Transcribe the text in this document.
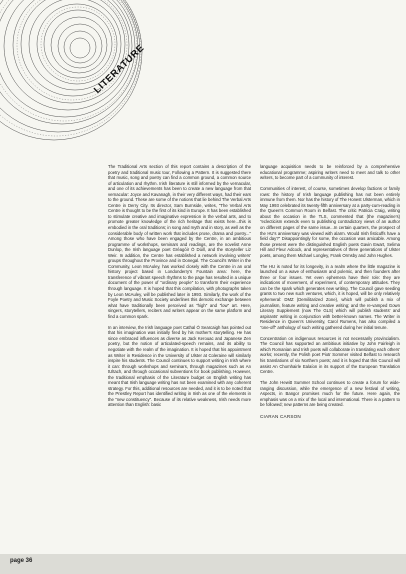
LITERATURE

The Traditional Arts section of this report contains a description of the poetry and traditional music tour, Following a Pattern. It is suggested there that music, song and poetry can find a common ground, a common source of articulation and rhythm. Irish literature is still informed by the vernacular, and one of its achievements has been to create a new language from that vernacular: Joyce and Kavanagh, in their very different ways, had their ears to the ground. These are some of the notions that lie behind The Verbal Arts Centre in Derry City. Its director, Sam Burnside, writes, "The Verbal Arts Centre is thought to be the first of its kind in Europe. It has been established to stimulate creative and imaginative expression in the verbal arts, and to promote greater knowledge of the rich heritage that exists here...this is embodied in the oral traditions; in song and myth and in story, as well as the considerable body of written work that includes prose, drama and poetry..." Among those who have been engaged by the Centre, in an ambitious programme of workshops, seminars and readings, are the novelist Anne Dunlop, the Irish language poet Gréagóir Ó Dúill, and the storyteller Liz Weir. In addition, the Centre has established a network involving writers' groups throughout the Province and in Donegal. The Council's Writer in the Community, Leon McAuley, has worked closely with the Centre in an oral history project based in Londonderry's Fountain area: here, the transference of vibrant speech rhythms to the page has resulted in a unique document of the power of "ordinary people" to transform their experience through language. It is hoped that this compilation, with photographs taken by Leon McAuley, will be published later in 1993. Similarly, the work of the Foyle Poetry and Music Society underlines this demotic exchange between what have traditionally been perceived as "high" and "low" art. Here, singers, storytellers, reciters and writers appear on the same platform and find a common spark.

In an interview, the Irish language poet Cathal Ó Searcaigh has pointed out that his imagination was initially fired by his mother's storytelling. He has since embraced influences as diverse as Jack Kerouac and Japanese Zen poetry, but the notion of articulated-speech remains, and its ability to negotiate with the realm of the imagination. It is hoped that his appointment as Writer in Residence in the University of Ulster at Coleraine will similarly inspire his students. The Council continues to support writing in Irish where it can: through workshops and seminars, through magazines such as An tUltach, and through occasional subventions for book publishing. However, the traditional emphasis of the Literature budget on English writing has meant that Irish language writing has not been examined with any coherent strategy. For this, additional resources are needed, and it is to be noted that the Priestley Report has identified writing in Irish as one of the elements in the "new constituency". Because of its relative weakness, Irish needs more attention than English: basic

language acquisition needs to be reinforced by a comprehensive educational programme; aspiring writers need to meet and talk to other writers, to become part of a community of interest.

Communities of interest, of course, sometimes develop factions or family rows: the history of Irish language publishing has not been entirely immune from them. Nor has the history of The Honest Ulsterman, which in May 1993 celebrated its twenty-fifth anniversary at a party-cum-reading in the Queen's Common Room in Belfast. The critic Patricia Craig, writing about the occasion in the TLS, commented that (the magazine's) "eclecticism extends even to publishing contradictory views of an author on different pages of the same issue...In certain quarters, the prospect of the HU's anniversary was viewed with alarm. Would Irish fisticuffs have a field day?" Disappointingly for some, the occasion was amicable. Among those present were the distinguished English poets Gavin Ewart, Selima Hill and Fleur Adcock, and representatives of three generations of Ulster poets, among them Michael Longley, Frank Ormsby and John Hughes.

The HU is noted for its longevity, in a realm where the little magazine is launched on a wave of enthusiasm and polemic, and then founders after three or four issues. Yet even ephemera have their role: they are indications of movement, of experiment, of contemporary attitudes. They can be the spark which generates new writing. The Council gave seeding grants to two new such ventures, which, it is hoped, will be only relatively ephemeral: DMZ (Demilitarized Zone), which will publish a mix of journalism, feature writing and creative writing; and the re-vamped Gown Literary Supplement (now The GLS) which will publish students' and aspirants' writing in conjunction with better-known names. The Writer in Residence in Queen's University, Carol Rumens, has also compiled a "one-off" anthology of such writing gathered during her initial tenure.

Concentration on indigenous resources is not necessarily provincialism. The Council has supported an ambitious initiative by John Fairleigh in which Romanian and Irish poets will collaborate in translating each others' works; recently, the Polish poet Piotr Sommer visited Belfast to research his translations of six Northern poets; and it is hoped that this Council will assist An Chomhairle Ealaíon in its support of the European Translation Centre.

The John Hewitt Summer School continues to create a forum for wide-ranging discussion, while the emergence of a new festival of writing, Aspects, in Bangor promises much for the future. Here again, the emphasis was on a mix of the local and international. There is a pattern to be followed; new patterns are being created.

CIARAN CARSON
page 36
